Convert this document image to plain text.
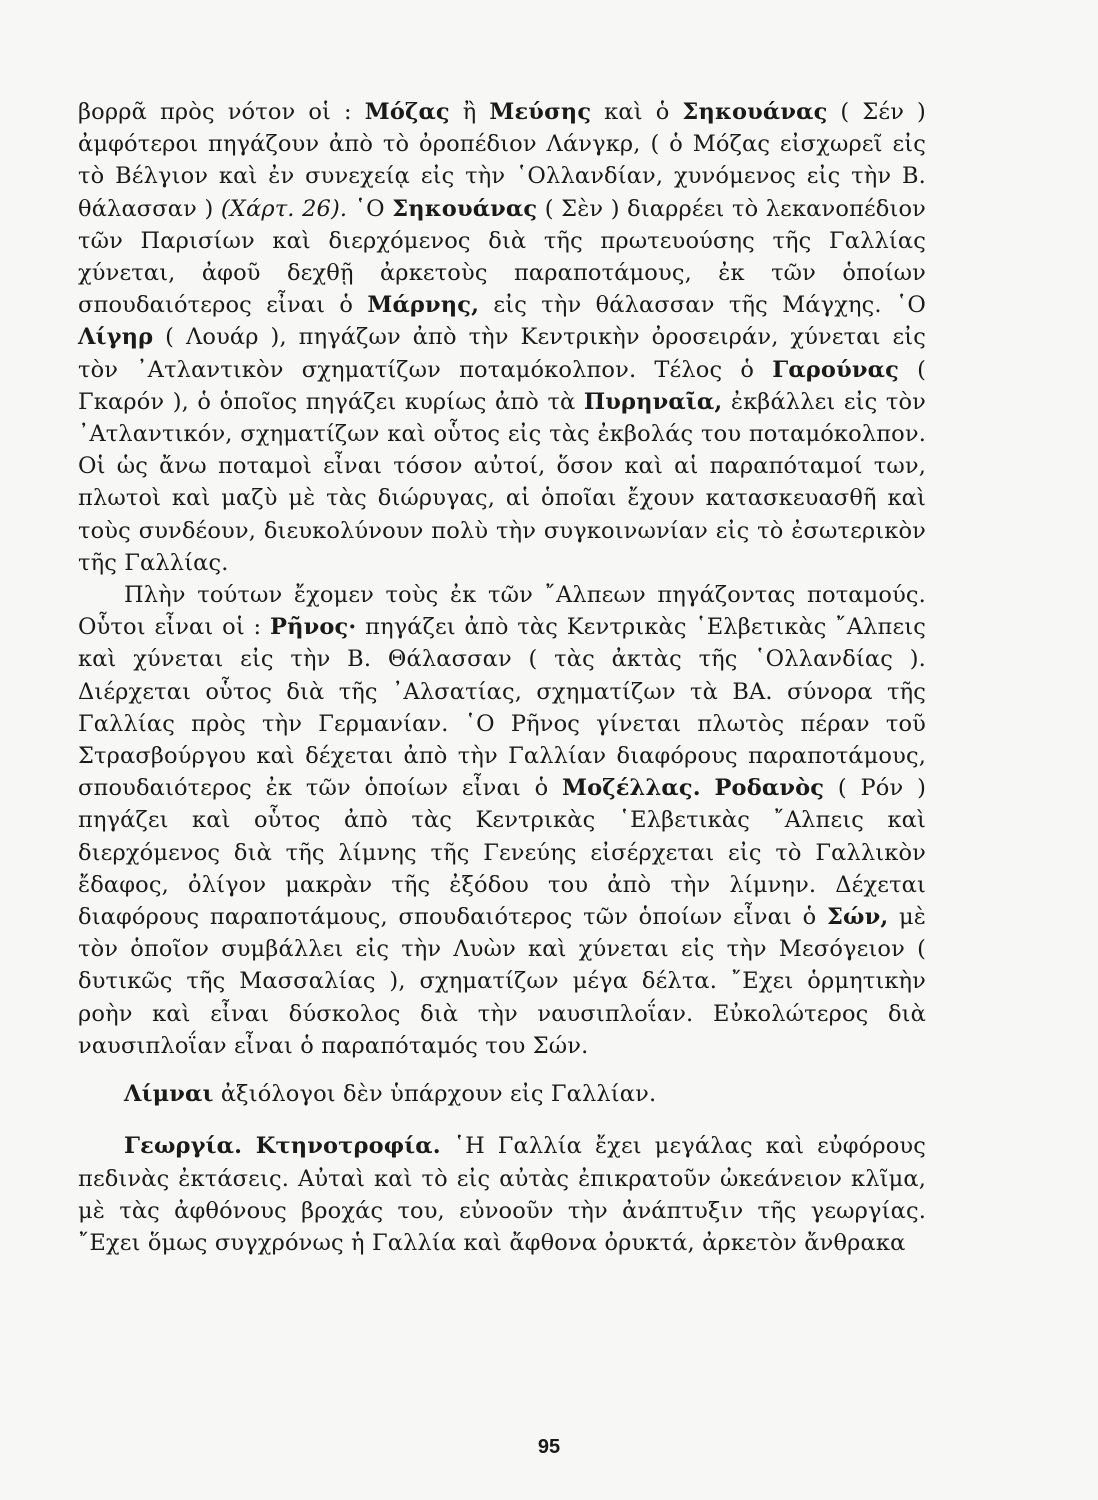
βορρᾶ πρὸς νότον οἱ : Μόζας ἢ Μεύσης καὶ ὁ Σηκουάνας ( Σέν ) ἀμφότεροι πηγάζουν ἀπὸ τὸ ὀροπέδιον Λάνγκρ, ( ὁ Μόζας εἰσχωρεῖ εἰς τὸ Βέλγιον καὶ ἐν συνεχείᾳ εἰς τὴν ῾Ολλανδίαν, χυνόμενος εἰς τὴν Β. θάλασσαν ) (Χάρτ. 26). ῾Ο Σηκουάνας ( Σὲν ) διαρρέει τὸ λεκανοπέδιον τῶν Παρισίων καὶ διερχόμενος διὰ τῆς πρωτευούσης τῆς Γαλλίας χύνεται, ἀφοῦ δεχθῇ ἀρκετοὺς παραποτάμους, ἐκ τῶν ὁποίων σπουδαιότερος εἶναι ὁ Μάρνης, εἰς τὴν θάλασσαν τῆς Μάγχης. ῾Ο Λίγηρ ( Λουάρ ), πηγάζων ἀπὸ τὴν Κεντρικὴν ὀροσειράν, χύνεται εἰς τὸν ᾿Ατλαντικὸν σχηματίζων ποταμόκολπον. Τέλος ὁ Γαρούνας ( Γκαρόν ), ὁ ὁποῖος πηγάζει κυρίως ἀπὸ τὰ Πυρηναῖα, ἐκβάλλει εἰς τὸν ᾿Ατλαντικόν, σχηματίζων καὶ οὗτος εἰς τὰς ἐκβολάς του ποταμόκολπον. Οἱ ὡς ἄνω ποταμοὶ εἶναι τόσον αὐτοί, ὅσον καὶ αἱ παραπόταμοί των, πλωτοὶ καὶ μαζὺ μὲ τὰς διώρυγας, αἱ ὁποῖαι ἔχουν κατασκευασθῆ καὶ τοὺς συνδέουν, διευκολύνουν πολὺ τὴν συγκοινωνίαν εἰς τὸ ἐσωτερικὸν τῆς Γαλλίας.

Πλὴν τούτων ἔχομεν τοὺς ἐκ τῶν ῎Αλπεων πηγάζοντας ποταμούς. Οὗτοι εἶναι οἱ : Ρῆνος· πηγάζει ἀπὸ τὰς Κεντρικὰς ῾Ελβετικὰς ῎Αλπεις καὶ χύνεται εἰς τὴν Β. Θάλασσαν ( τὰς ἀκτὰς τῆς ῾Ολλανδίας ). Διέρχεται οὗτος διὰ τῆς ᾿Αλσατίας, σχηματίζων τὰ ΒΑ. σύνορα τῆς Γαλλίας πρὸς τὴν Γερμανίαν. ῾Ο Ρῆνος γίνεται πλωτὸς πέραν τοῦ Στρασβούργου καὶ δέχεται ἀπὸ τὴν Γαλλίαν διαφόρους παραποτάμους, σπουδαιότερος ἐκ τῶν ὁποίων εἶναι ὁ Μοζέλλας. Ροδανὸς ( Ρόν ) πηγάζει καὶ οὗτος ἀπὸ τὰς Κεντρικὰς ῾Ελβετικὰς ῎Αλπεις καὶ διερχόμενος διὰ τῆς λίμνης τῆς Γενεύης εἰσέρχεται εἰς τὸ Γαλλικὸν ἔδαφος, ὀλίγον μακρὰν τῆς ἐξόδου του ἀπὸ τὴν λίμνην. Δέχεται διαφόρους παραποτάμους, σπουδαιότερος τῶν ὁποίων εἶναι ὁ Σών, μὲ τὸν ὁποῖον συμβάλλει εἰς τὴν Λυὼν καὶ χύνεται εἰς τὴν Μεσόγειον ( δυτικῶς τῆς Μασσαλίας ), σχηματίζων μέγα δέλτα. ῎Εχει ὁρμητικὴν ροὴν καὶ εἶναι δύσκολος διὰ τὴν ναυσιπλοΐαν. Εὐκολώτερος διὰ ναυσιπλοΐαν εἶναι ὁ παραπόταμός του Σών.

Λίμναι ἀξιόλογοι δὲν ὑπάρχουν εἰς Γαλλίαν.

Γεωργία. Κτηνοτροφία. ῾Η Γαλλία ἔχει μεγάλας καὶ εὐφόρους πεδινὰς ἐκτάσεις. Αὐταὶ καὶ τὸ εἰς αὐτὰς ἐπικρατοῦν ὠκεάνειον κλῖμα, μὲ τὰς ἀφθόνους βροχάς του, εὐνοοῦν τὴν ἀνάπτυξιν τῆς γεωργίας. ῎Εχει ὅμως συγχρόνως ἡ Γαλλία καὶ ἄφθονα ὀρυκτά, ἀρκετὸν ἄνθρακα

95
